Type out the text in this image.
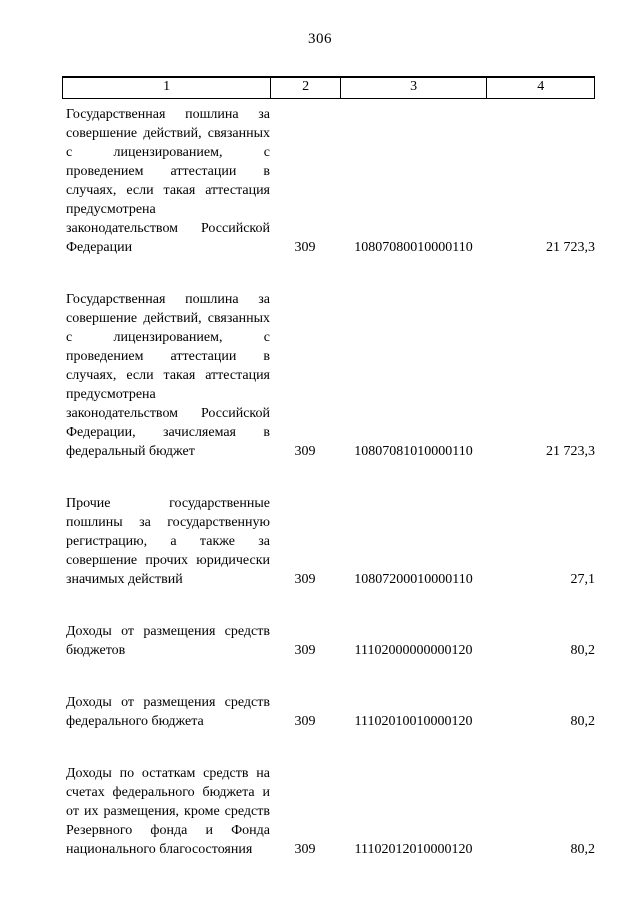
306
1	2	3	4
Государственная пошлина за совершение действий, связанных с лицензированием, с проведением аттестации в случаях, если такая аттестация предусмотрена законодательством Российской Федерации	309	10807080010000110	21 723,3
Государственная пошлина за совершение действий, связанных с лицензированием, с проведением аттестации в случаях, если такая аттестация предусмотрена законодательством Российской Федерации, зачисляемая в федеральный бюджет	309	10807081010000110	21 723,3
Прочие государственные пошлины за государственную регистрацию, а также за совершение прочих юридически значимых действий	309	10807200010000110	27,1
Доходы от размещения средств бюджетов	309	11102000000000120	80,2
Доходы от размещения средств федерального бюджета	309	11102010010000120	80,2
Доходы по остаткам средств на счетах федерального бюджета и от их размещения, кроме средств Резервного фонда и Фонда национального благосостояния	309	11102012010000120	80,2
